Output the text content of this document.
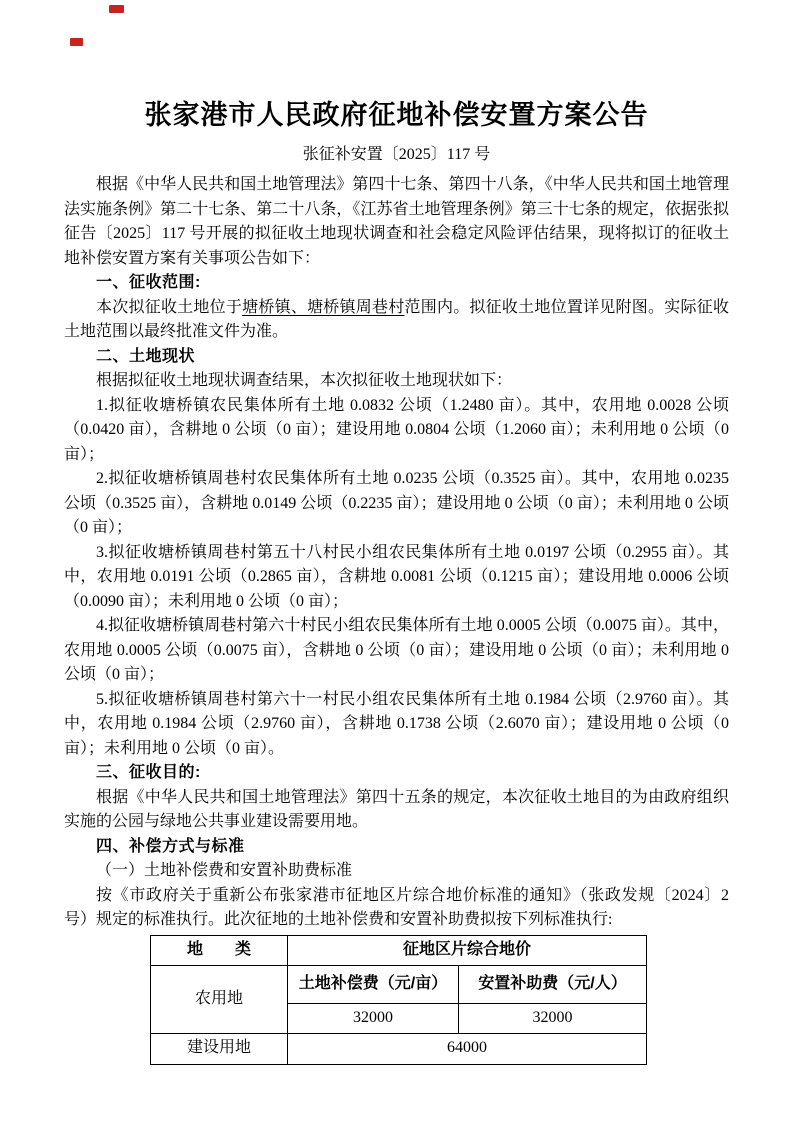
张家港市人民政府征地补偿安置方案公告
张征补安置〔2025〕117 号

根据《中华人民共和国土地管理法》第四十七条、第四十八条，《中华人民共和国土地管理法实施条例》第二十七条、第二十八条，《江苏省土地管理条例》第三十七条的规定，依据张拟征告〔2025〕117 号开展的拟征收土地现状调查和社会稳定风险评估结果，现将拟订的征收土地补偿安置方案有关事项公告如下：

一、征收范围:

本次拟征收土地位于塘桥镇、塘桥镇周巷村范围内。拟征收土地位置详见附图。实际征收土地范围以最终批准文件为准。

二、土地现状

根据拟征收土地现状调查结果，本次拟征收土地现状如下：

1.拟征收塘桥镇农民集体所有土地 0.0832 公顷（1.2480 亩）。其中，农用地 0.0028 公顷（0.0420 亩），含耕地 0 公顷（0 亩）；建设用地 0.0804 公顷（1.2060 亩）；未利用地 0 公顷（0 亩）；

2.拟征收塘桥镇周巷村农民集体所有土地 0.0235 公顷（0.3525 亩）。其中，农用地 0.0235 公顷（0.3525 亩），含耕地 0.0149 公顷（0.2235 亩）；建设用地 0 公顷（0 亩）；未利用地 0 公顷（0 亩）；

3.拟征收塘桥镇周巷村第五十八村民小组农民集体所有土地 0.0197 公顷（0.2955 亩）。其中，农用地 0.0191 公顷（0.2865 亩），含耕地 0.0081 公顷（0.1215 亩）；建设用地 0.0006 公顷（0.0090 亩）；未利用地 0 公顷（0 亩）；

4.拟征收塘桥镇周巷村第六十村民小组农民集体所有土地 0.0005 公顷（0.0075 亩）。其中，农用地 0.0005 公顷（0.0075 亩），含耕地 0 公顷（0 亩）；建设用地 0 公顷（0 亩）；未利用地 0 公顷（0 亩）；

5.拟征收塘桥镇周巷村第六十一村民小组农民集体所有土地 0.1984 公顷（2.9760 亩）。其中，农用地 0.1984 公顷（2.9760 亩），含耕地 0.1738 公顷（2.6070 亩）；建设用地 0 公顷（0 亩）；未利用地 0 公顷（0 亩）。

三、征收目的:

根据《中华人民共和国土地管理法》第四十五条的规定，本次征收土地目的为由政府组织实施的公园与绿地公共事业建设需要用地。

四、补偿方式与标准

（一）土地补偿费和安置补助费标准

按《市政府关于重新公布张家港市征地区片综合地价标准的通知》（张政发规〔2024〕2 号）规定的标准执行。此次征地的土地补偿费和安置补助费拟按下列标准执行:

地　　类	征地区片综合地价	
农用地	土地补偿费（元/亩）	安置补助费（元/人）
	32000	32000
建设用地	64000	
